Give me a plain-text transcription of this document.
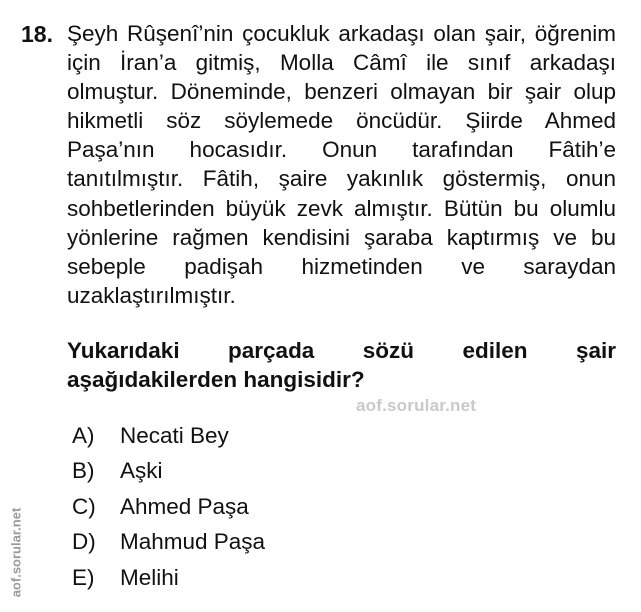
18. Şeyh Rûşenî’nin çocukluk arkadaşı olan şair, öğrenim için İran’a gitmiş, Molla Câmî ile sınıf arkadaşı olmuştur. Döneminde, benzeri olmayan bir şair olup hikmetli söz söylemede öncüdür. Şiirde Ahmed Paşa’nın hocasıdır. Onun tarafından Fâtih’e tanıtılmıştır. Fâtih, şaire yakınlık göstermiş, onun sohbetlerinden büyük zevk almıştır. Bütün bu olumlu yönlerine rağmen kendisini şaraba kaptırmış ve bu sebeple padişah hizmetinden ve saraydan uzaklaştırılmıştır.

Yukarıdaki parçada sözü edilen şair aşağıdakilerden hangisidir?

aof.sorular.net
A)	Necati Bey
B)	Aşki
C)	Ahmed Paşa
D)	Mahmud Paşa
E)	Melihi
aof.sorular.net
